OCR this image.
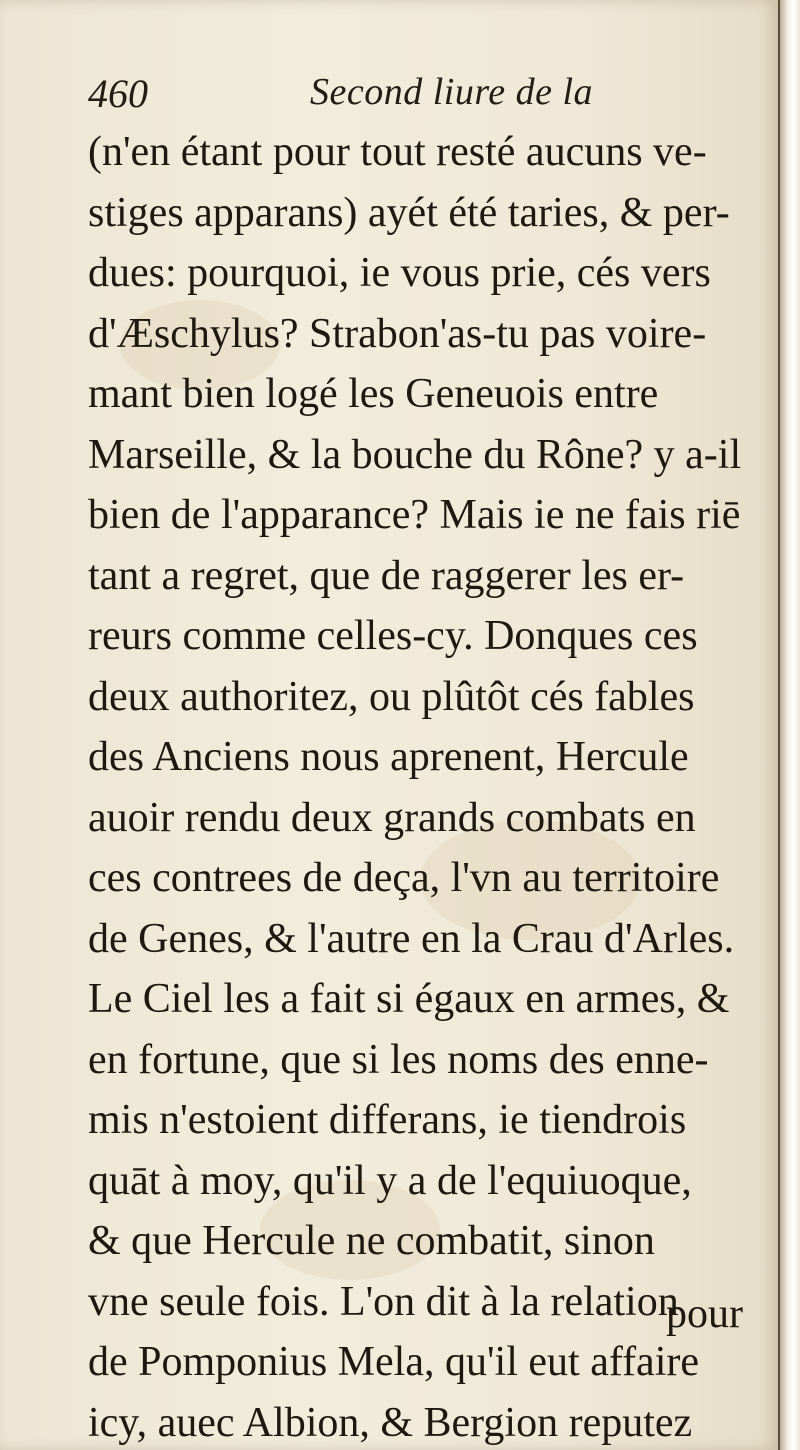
460	Second liure de la
(n'en étant pour tout resté aucuns ve-
stiges apparans) ayét été taries, & per-
dues: pourquoi, ie vous prie, cés vers
d'Æschylus? Strabon'as-tu pas voire-
mant bien logé les Geneuois entre
Marseille, & la bouche du Rône? y a-il
bien de l'apparance? Mais ie ne fais riē
tant a regret, que de raggerer les er-
reurs comme celles-cy. Donques ces
deux authoritez, ou plûtôt cés fables
des Anciens nous aprenent, Hercule
auoir rendu deux grands combats en
ces contrees de deça, l'vn au territoire
de Genes, & l'autre en la Crau d'Arles.
Le Ciel les a fait si égaux en armes, &
en fortune, que si les noms des enne-
mis n'estoient differans, ie tiendrois
quāt à moy, qu'il y a de l'equiuoque,
& que Hercule ne combatit, sinon
vne seule fois. L'on dit à la relation
de Pomponius Mela, qu'il eut affaire
icy, auec Albion, & Bergion reputez
pour
